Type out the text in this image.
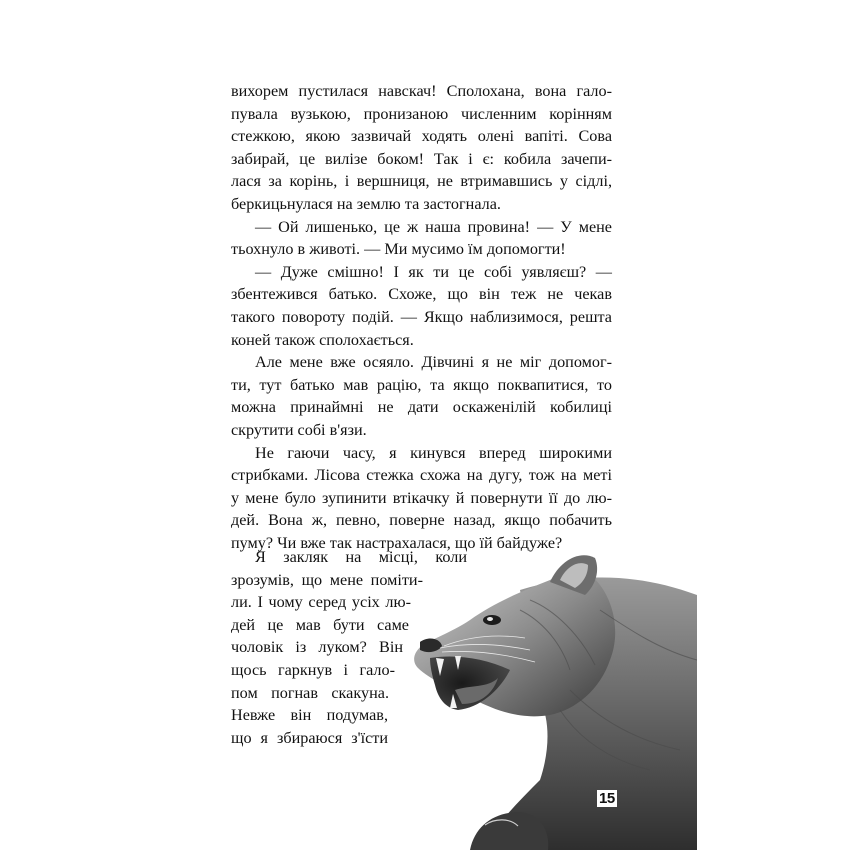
вихорем пустилася навскач! Сполохана, вона гало-
пувала вузькою, пронизаною численним корінням
стежкою, якою зазвичай ходять олені вапіті. Сова
забирай, це вилізе боком! Так і є: кобила зачепи-
лася за корінь, і вершниця, не втримавшись у сідлі,
беркицьнулася на землю та застогнала.

— Ой лишенько, це ж наша провина! — У мене
тьохнуло в животі. — Ми мусимо їм допомогти!

— Дуже смішно! І як ти це собі уявляєш? —
збентежився батько. Схоже, що він теж не чекав
такого повороту подій. — Якщо наблизимося, решта
коней також сполохається.

Але мене вже осяяло. Дівчині я не міг допомог-
ти, тут батько мав рацію, та якщо поквапитися, то
можна принаймні не дати оскаженілій кобилиці
скрутити собі в'язи.

Не гаючи часу, я кинувся вперед широкими
стрибками. Лісова стежка схожа на дугу, тож на меті
у мене було зупинити втікачку й повернути її до лю-
дей. Вона ж, певно, поверне назад, якщо побачить
пуму? Чи вже так настрахалася, що їй байдуже?

Я закляк на місці, коли
зрозумів, що мене поміти-
ли. І чому серед усіх лю-
дей це мав бути саме
чоловік із луком? Він
щось гаркнув і гало-
пом погнав скакуна.
Невже він подумав,
що я збираюся з'їсти
15
